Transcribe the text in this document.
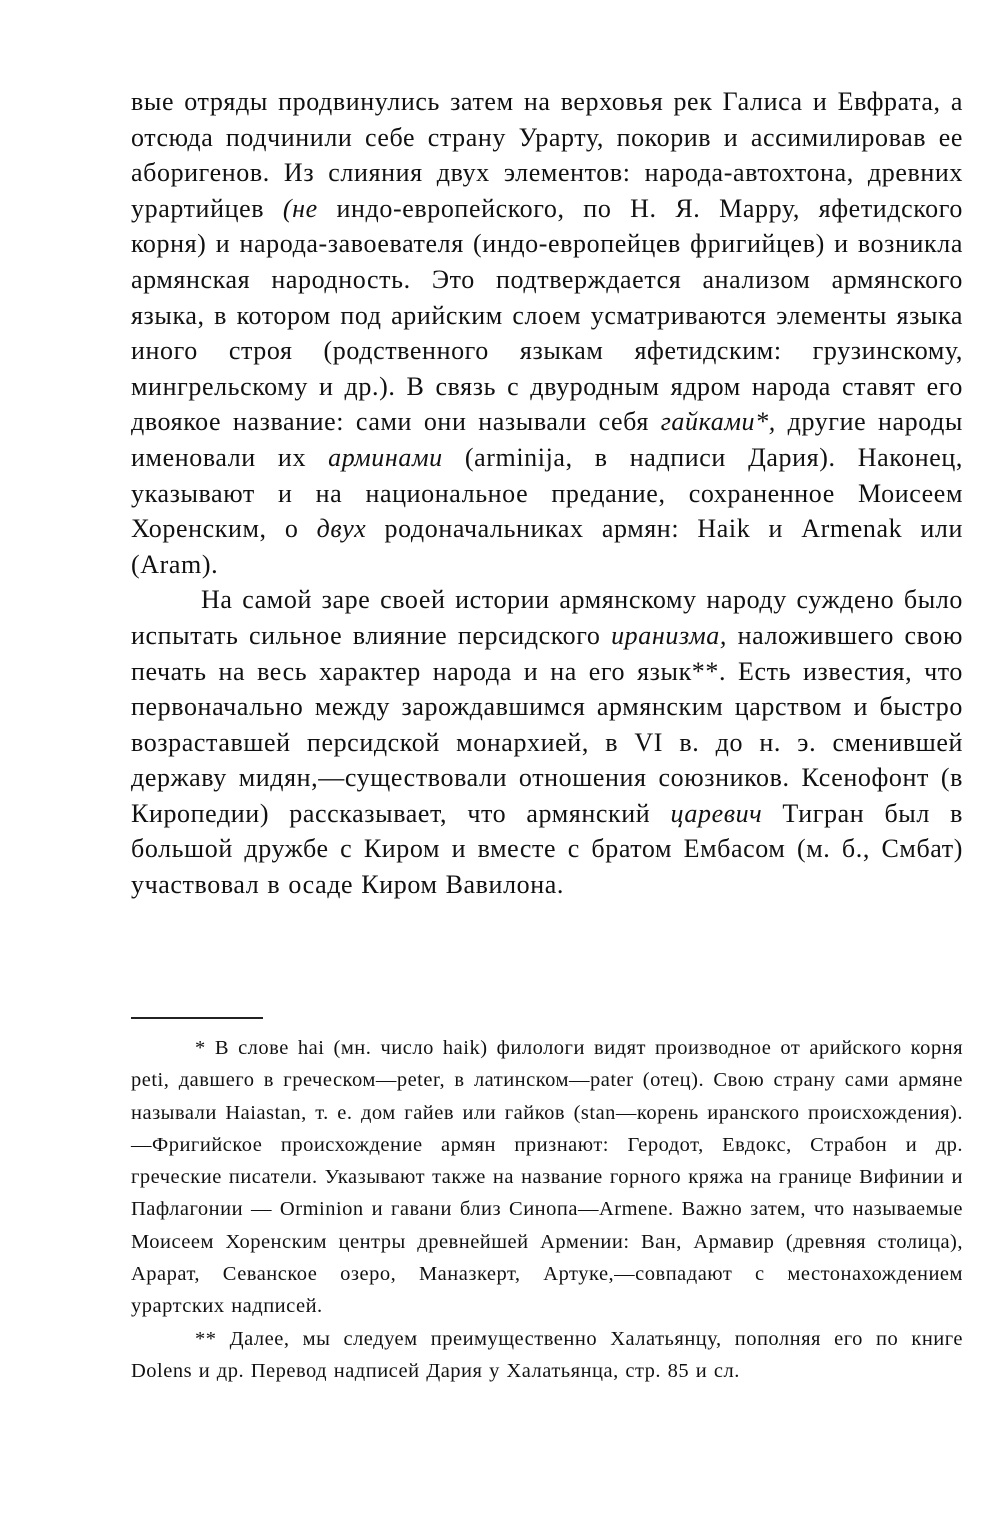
вые отряды продвинулись затем на верховья рек Галиса и Евфрата, а отсюда подчинили себе страну Урарту, покорив и ассимилировав ее аборигенов. Из слияния двух элементов: народа-автохтона, древних урартийцев (не индо-европейского, по Н. Я. Марру, яфетидского корня) и народа-завоевателя (индо-европейцев фригийцев) и возникла армянская народность. Это подтверждается анализом армянского языка, в котором под арийским слоем усматриваются элементы языка иного строя (родственного языкам яфетидским: грузинскому, мингрельскому и др.). В связь с двуродным ядром народа ставят его двоякое название: сами они называли себя гайками*, другие народы именовали их арминами (arminija, в надписи Дария). Наконец, указывают и на национальное предание, сохраненное Моисеем Хоренским, о двух родоначальниках армян: Haik и Armenak или (Aram).

На самой заре своей истории армянскому народу суждено было испытать сильное влияние персидского иранизма, наложившего свою печать на весь характер народа и на его язык**. Есть известия, что первоначально между зарождавшимся армянским царством и быстро возраставшей персидской монархией, в VI в. до н. э. сменившей державу мидян,—существовали отношения союзников. Ксенофонт (в Киропедии) рассказывает, что армянский царевич Тигран был в большой дружбе с Киром и вместе с братом Ембасом (м. б., Смбат) участвовал в осаде Киром Вавилона.

* В слове hai (мн. число haik) филологи видят производное от арийского корня peti, давшего в греческом—peter, в латинском—pater (отец). Свою страну сами армяне называли Haiastan, т. е. дом гайев или гайков (stan—корень иранского происхождения).—Фригийское происхождение армян признают: Геродот, Евдокс, Страбон и др. греческие писатели. Указывают также на название горного кряжа на границе Вифинии и Пафлагонии — Orminion и гавани близ Синопа—Armene. Важно затем, что называемые Моисеем Хоренским центры древнейшей Армении: Ван, Армавир (древняя столица), Арарат, Севанское озеро, Маназкерт, Артуке,—совпадают с местонахождением урартских надписей.

** Далее, мы следуем преимущественно Халатьянцу, пополняя его по книге Dolens и др. Перевод надписей Дария у Халатьянца, стр. 85 и сл.
